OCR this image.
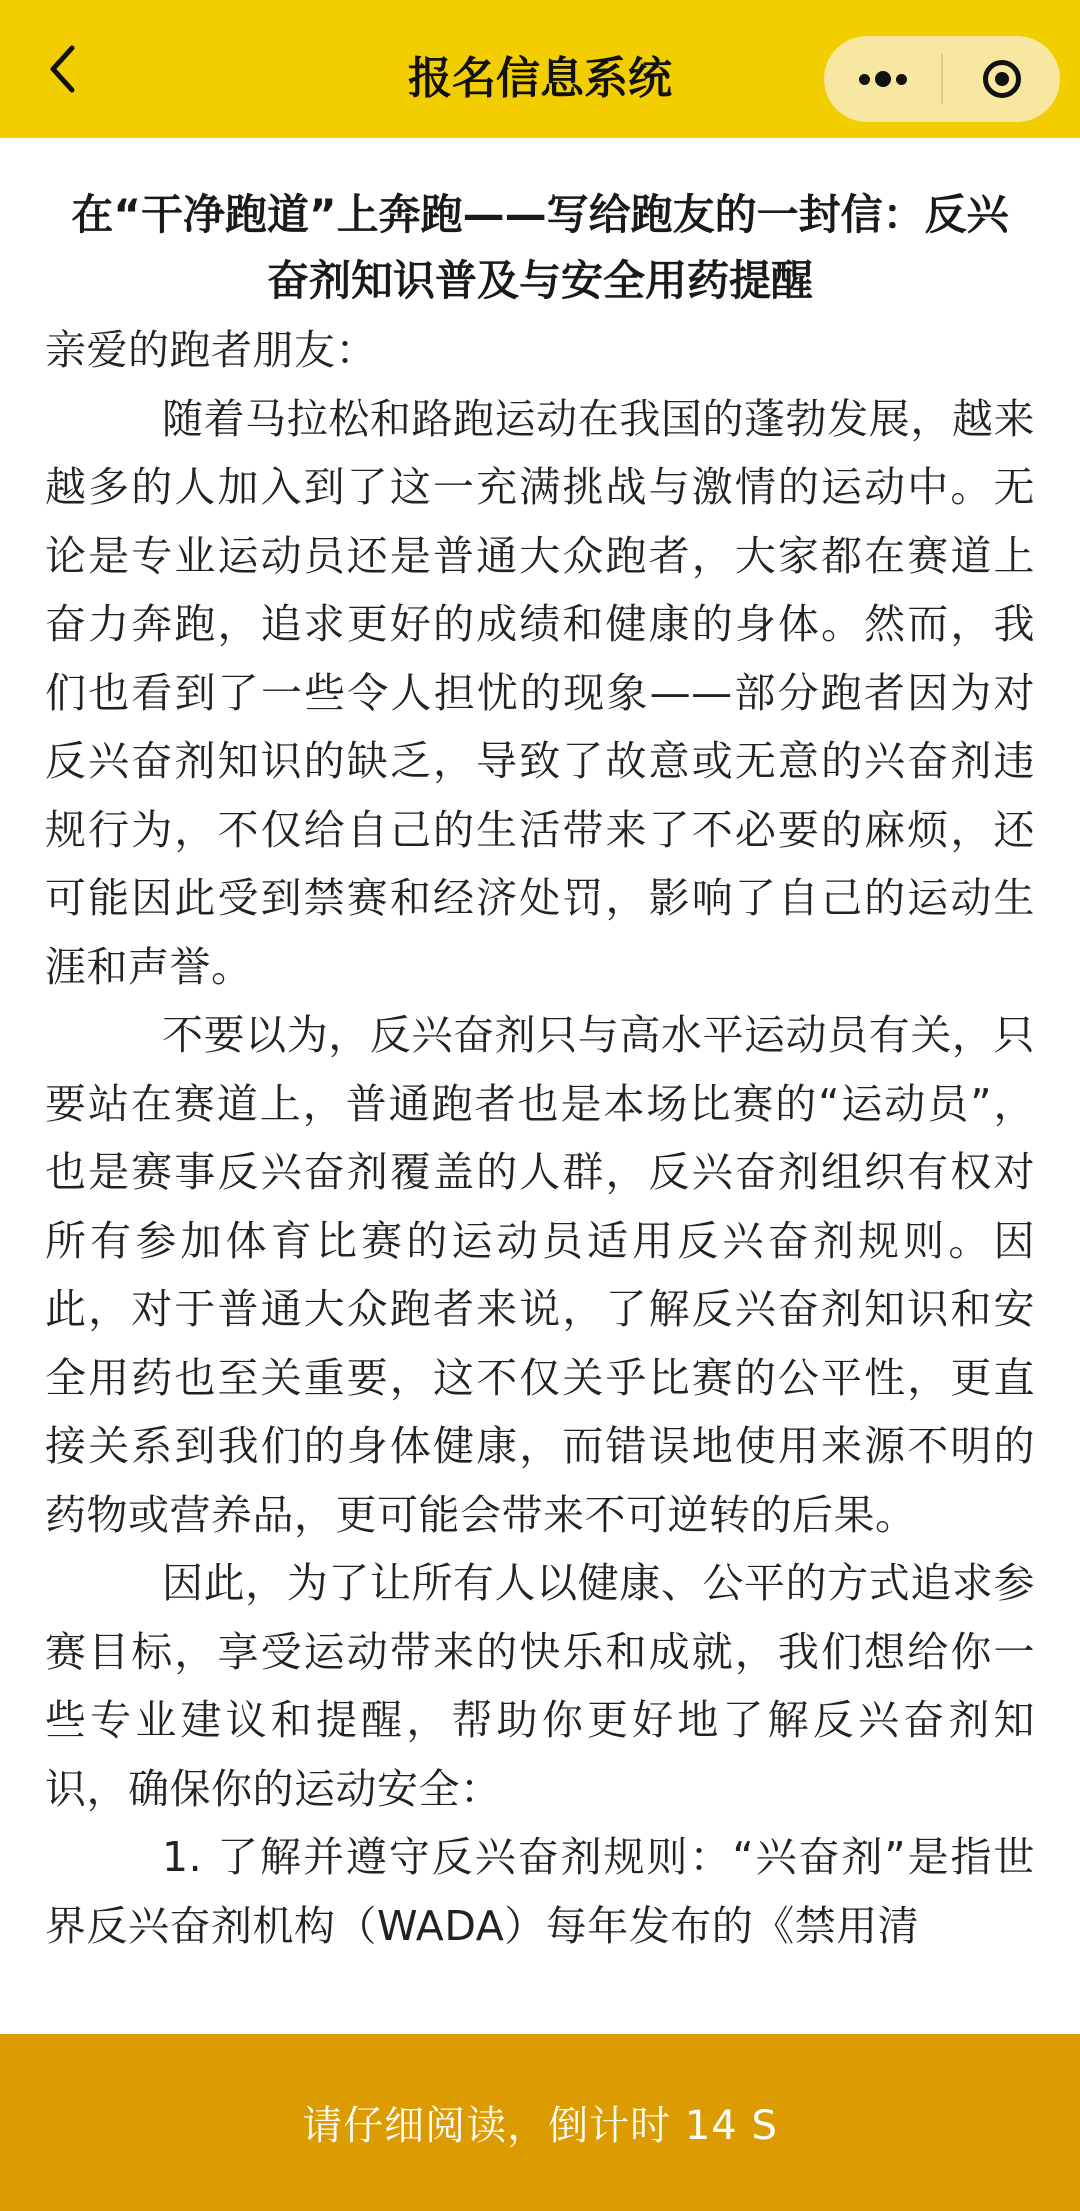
报名信息系统
在“干净跑道”上奔跑——写给跑友的一封信：反兴
奋剂知识普及与安全用药提醒

亲爱的跑者朋友：

随着马拉松和路跑运动在我国的蓬勃发展，越来越多的人加入到了这一充满挑战与激情的运动中。无论是专业运动员还是普通大众跑者，大家都在赛道上奋力奔跑，追求更好的成绩和健康的身体。然而，我们也看到了一些令人担忧的现象——部分跑者因为对反兴奋剂知识的缺乏，导致了故意或无意的兴奋剂违规行为，不仅给自己的生活带来了不必要的麻烦，还可能因此受到禁赛和经济处罚，影响了自己的运动生涯和声誉。

不要以为，反兴奋剂只与高水平运动员有关，只要站在赛道上，普通跑者也是本场比赛的“运动员”，也是赛事反兴奋剂覆盖的人群，反兴奋剂组织有权对所有参加体育比赛的运动员适用反兴奋剂规则。因此，对于普通大众跑者来说，了解反兴奋剂知识和安全用药也至关重要，这不仅关乎比赛的公平性，更直接关系到我们的身体健康，而错误地使用来源不明的药物或营养品，更可能会带来不可逆转的后果。

因此，为了让所有人以健康、公平的方式追求参赛目标，享受运动带来的快乐和成就，我们想给你一些专业建议和提醒，帮助你更好地了解反兴奋剂知识，确保你的运动安全：

1. 了解并遵守反兴奋剂规则：“兴奋剂”是指世界反兴奋剂机构（WADA）每年发布的《禁用清

请仔细阅读，倒计时 14 S
